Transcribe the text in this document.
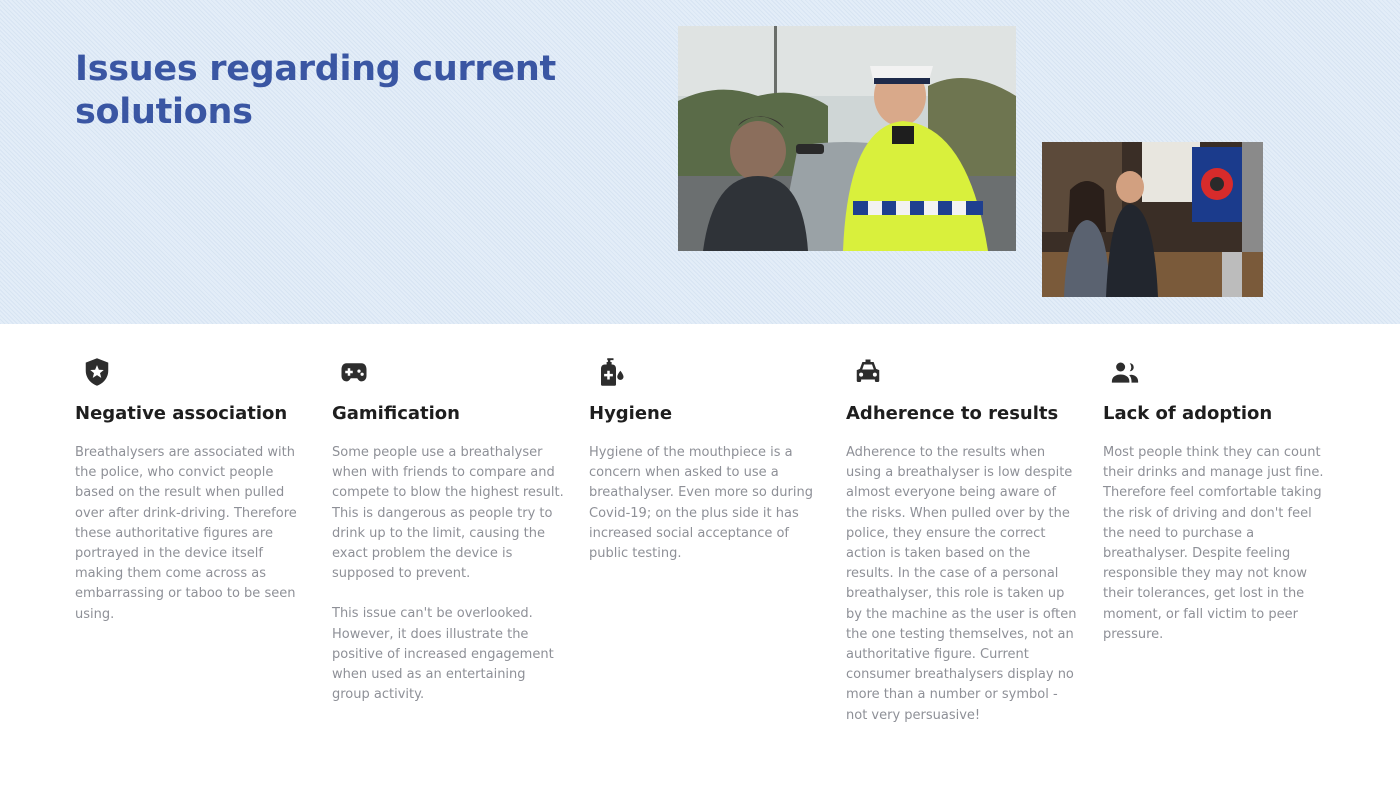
Issues regarding current
solutions
Negative association

Breathalysers are associated with the police, who convict people based on the result when pulled over after drink-driving. Therefore these authoritative figures are portrayed in the device itself making them come across as embarrassing or taboo to be seen using.

Gamification

Some people use a breathalyser when with friends to compare and compete to blow the highest result. This is dangerous as people try to drink up to the limit, causing the exact problem the device is supposed to prevent.

This issue can't be overlooked. However, it does illustrate the positive of increased engagement when used as an entertaining group activity.

Hygiene

Hygiene of the mouthpiece is a concern when asked to use a breathalyser. Even more so during Covid-19; on the plus side it has increased social acceptance of public testing.

Adherence to results

Adherence to the results when using a breathalyser is low despite almost everyone being aware of the risks. When pulled over by the police, they ensure the correct action is taken based on the results. In the case of a personal breathalyser, this role is taken up by the machine as the user is often the one testing themselves, not an authoritative figure. Current consumer breathalysers display no more than a number or symbol - not very persuasive!

Lack of adoption

Most people think they can count their drinks and manage just fine. Therefore feel comfortable taking the risk of driving and don't feel the need to purchase a breathalyser. Despite feeling responsible they may not know their tolerances, get lost in the moment, or fall victim to peer pressure.
